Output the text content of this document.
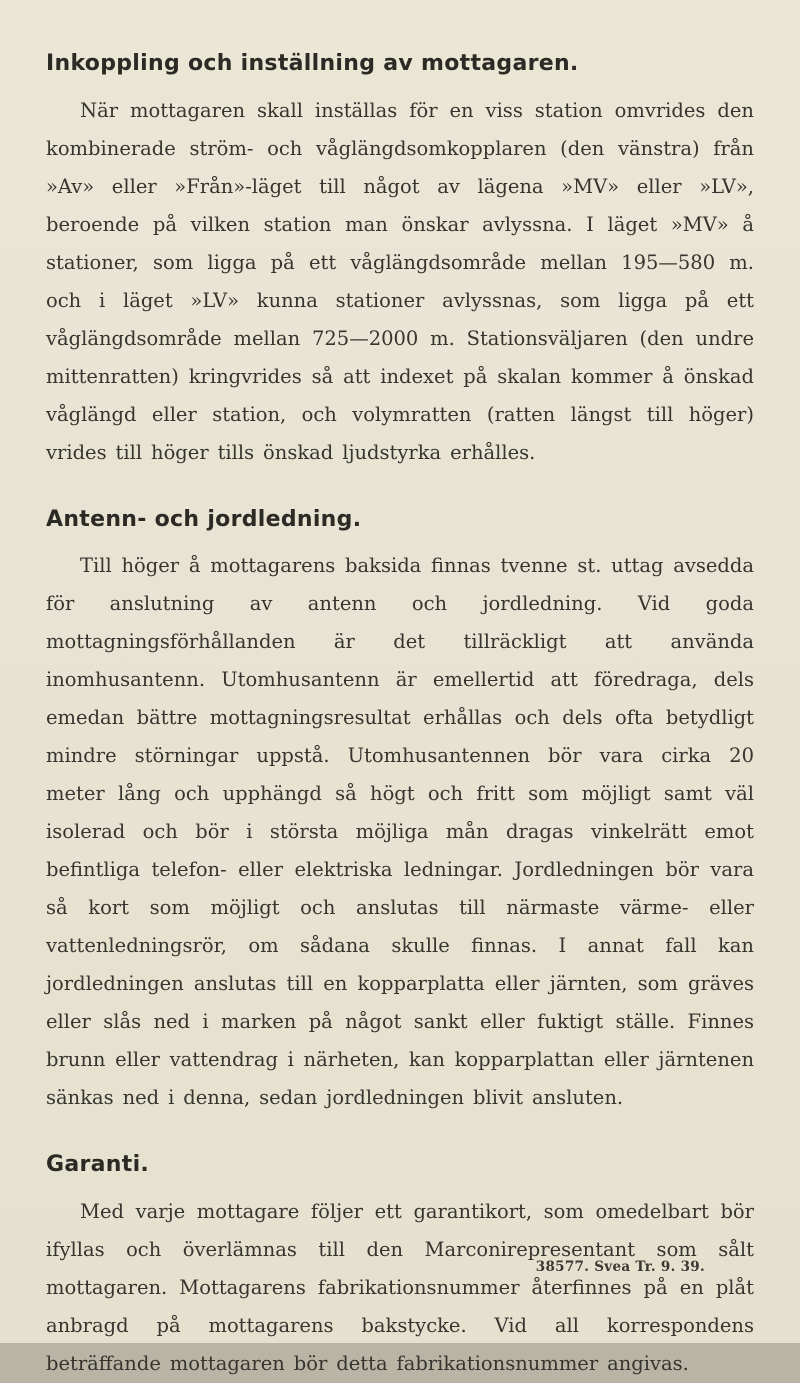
Inkoppling och inställning av mottagaren.

När mottagaren skall inställas för en viss station omvrides den kombinerade ström- och våglängdsomkopplaren (den vänstra) från »Av» eller »Från»-läget till något av lägena »MV» eller »LV», beroende på vilken station man önskar avlyssna. I läget »MV» å stationer, som ligga på ett våglängdsområde mellan 195—580 m. och i läget »LV» kunna stationer avlyssnas, som ligga på ett våglängdsområde mellan 725—2000 m. Stationsväljaren (den undre mittenratten) kringvrides så att indexet på skalan kommer å önskad våglängd eller station, och volymratten (ratten längst till höger) vrides till höger tills önskad ljudstyrka erhålles.

Antenn- och jordledning.

Till höger å mottagarens baksida finnas tvenne st. uttag avsedda för anslutning av antenn och jordledning. Vid goda mottagningsförhållanden är det tillräckligt att använda inomhusantenn. Utomhusantenn är emellertid att föredraga, dels emedan bättre mottagningsresultat erhållas och dels ofta betydligt mindre störningar uppstå. Utomhusantennen bör vara cirka 20 meter lång och upphängd så högt och fritt som möjligt samt väl isolerad och bör i största möjliga mån dragas vinkelrätt emot befintliga telefon- eller elektriska ledningar. Jordledningen bör vara så kort som möjligt och anslutas till närmaste värme- eller vattenledningsrör, om sådana skulle finnas. I annat fall kan jordledningen anslutas till en kopparplatta eller järnten, som gräves eller slås ned i marken på något sankt eller fuktigt ställe. Finnes brunn eller vattendrag i närheten, kan kopparplattan eller järntenen sänkas ned i denna, sedan jordledningen blivit ansluten.

Garanti.

Med varje mottagare följer ett garantikort, som omedelbart bör ifyllas och överlämnas till den Marconirepresentant som sålt mottagaren. Mottagarens fabrikationsnummer återfinnes på en plåt anbragd på mottagarens bakstycke. Vid all korrespondens beträffande mottagaren bör detta fabrikationsnummer angivas.

38577. Svea Tr. 9. 39.
